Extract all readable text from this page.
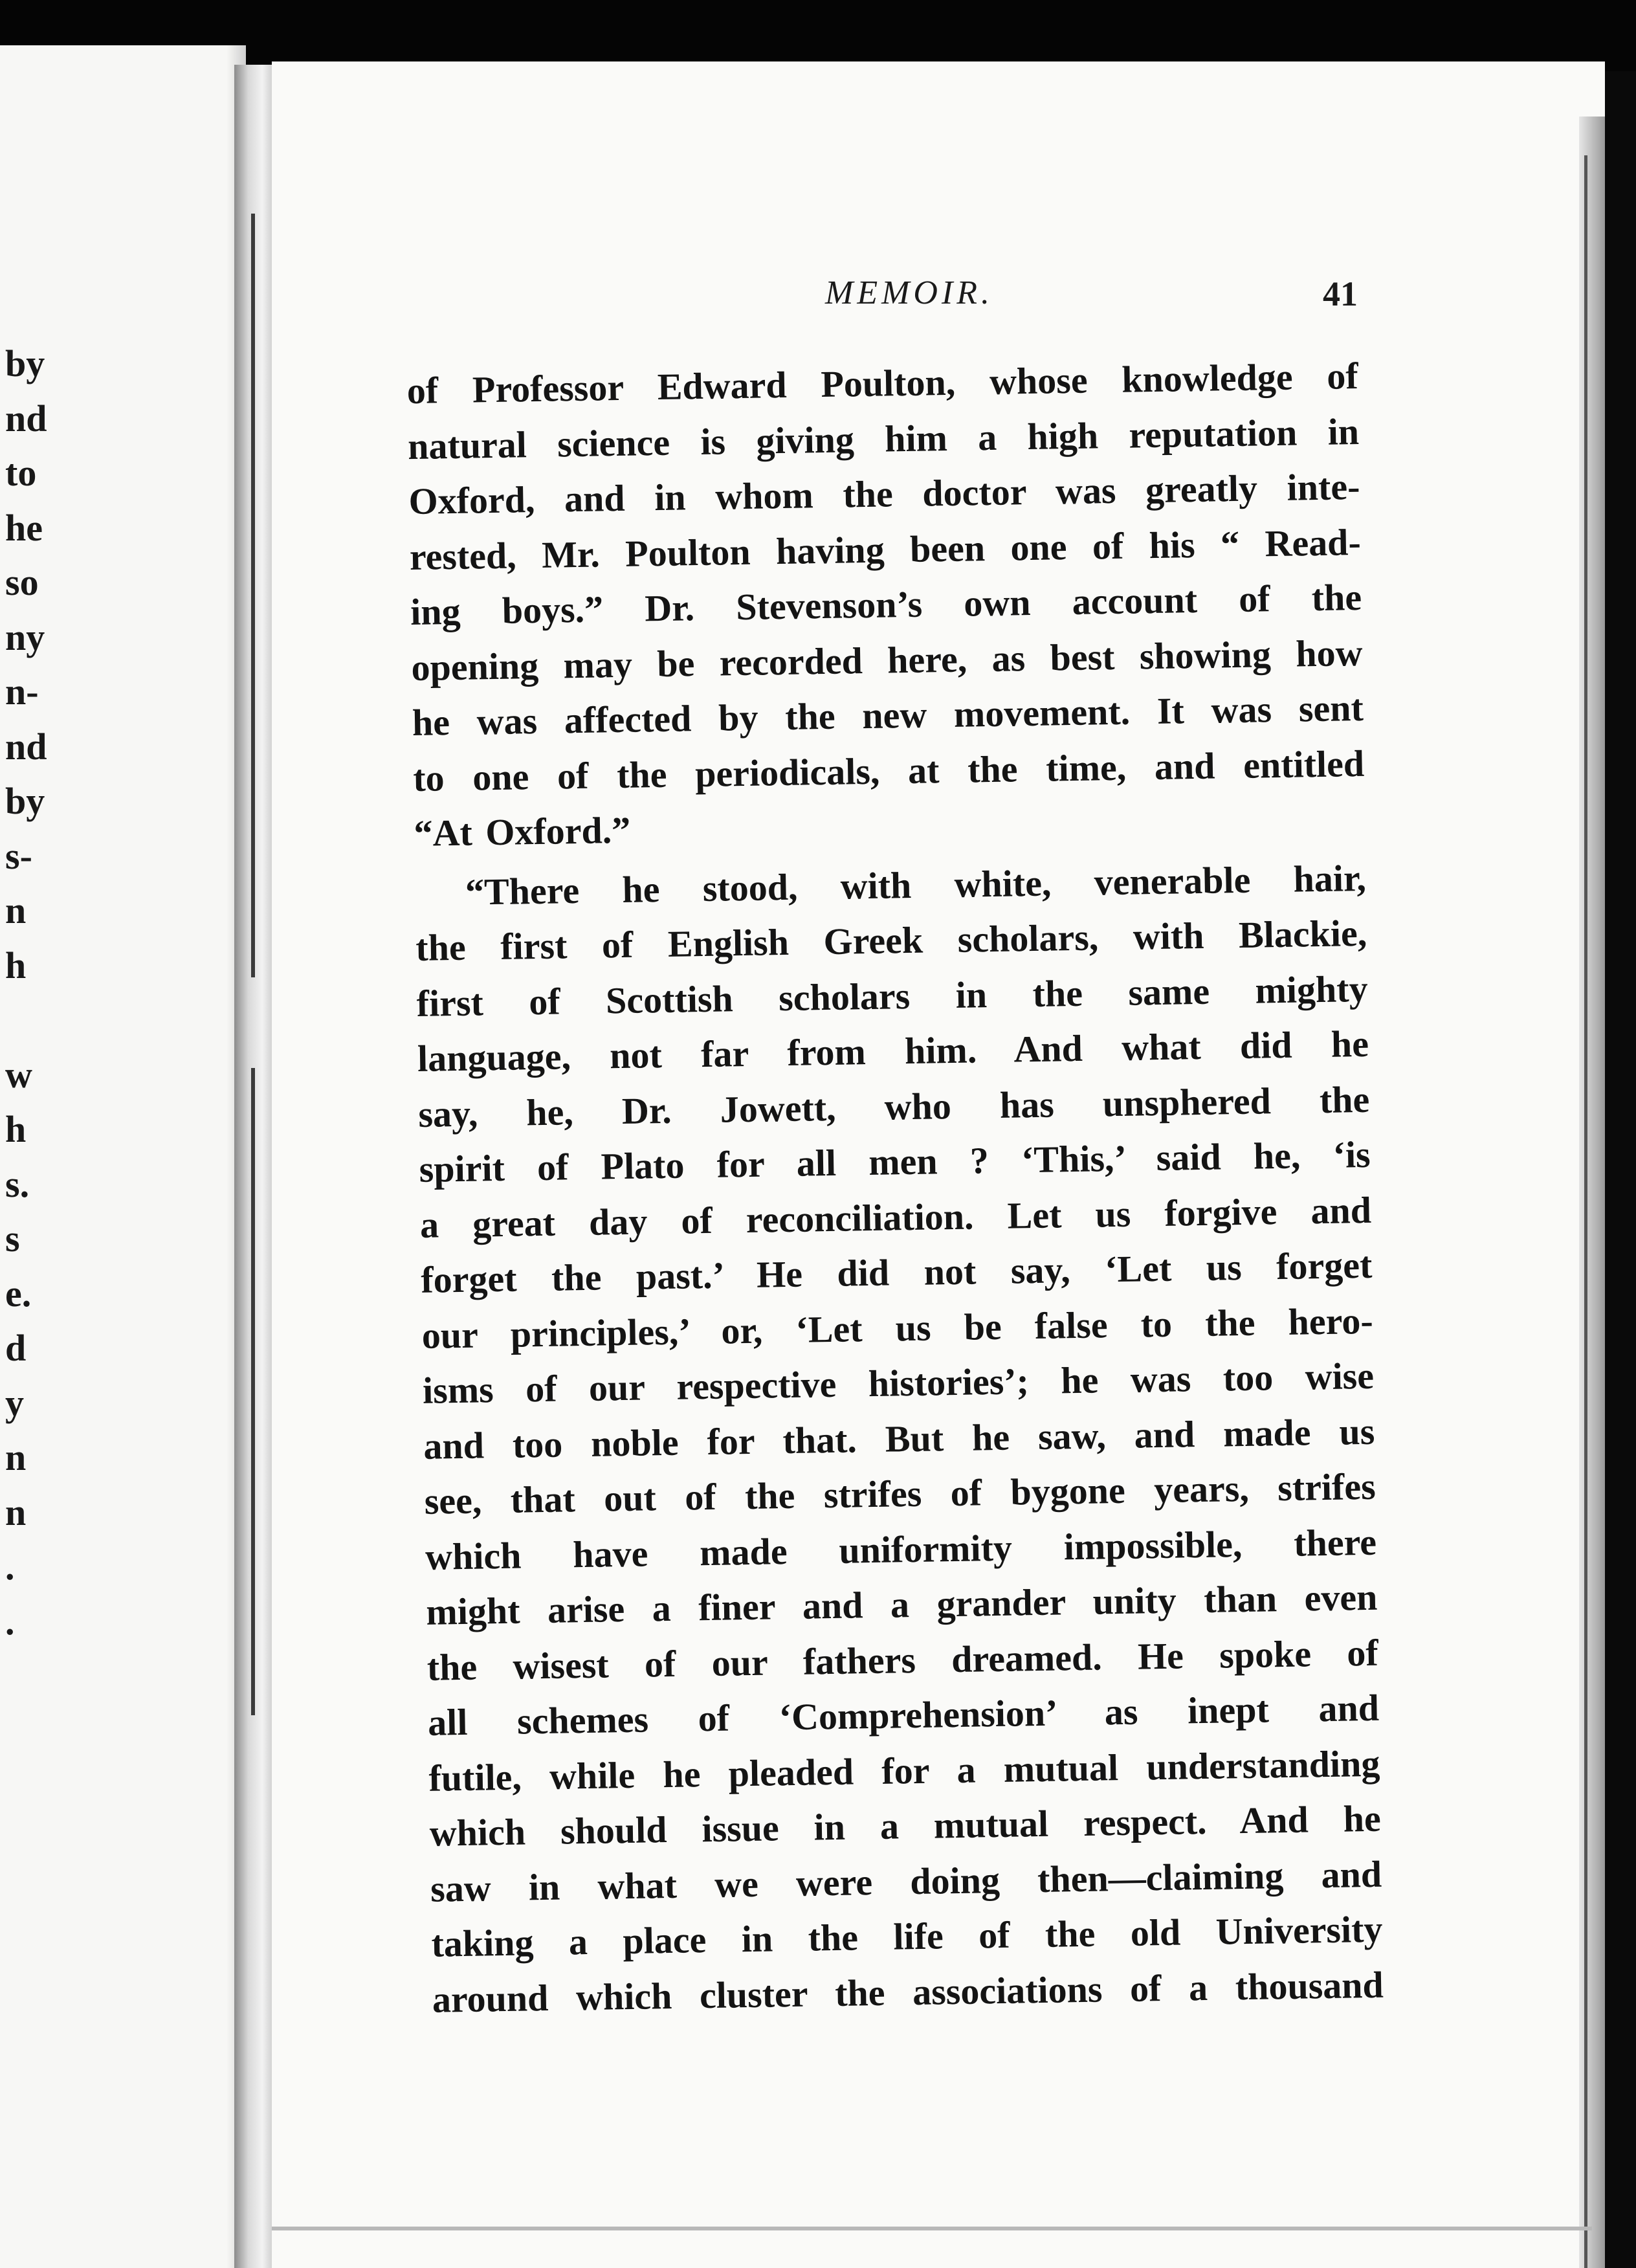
by
nd
to
he
so
ny
n-
nd
by
s-
n
h
w
h
s.
s
e.
d
y
n
n
.
.
MEMOIR.	41
of Professor Edward Poulton, whose knowledge of
natural science is giving him a high reputation in
Oxford, and in whom the doctor was greatly inte-
rested, Mr. Poulton having been one of his “ Read-
ing boys.” Dr. Stevenson’s own account of the
opening may be recorded here, as best showing how
he was affected by the new movement. It was sent
to one of the periodicals, at the time, and entitled
“At Oxford.”
“There he stood, with white, venerable hair,
the first of English Greek scholars, with Blackie,
first of Scottish scholars in the same mighty
language, not far from him. And what did he
say, he, Dr. Jowett, who has unsphered the
spirit of Plato for all men ? ‘This,’ said he, ‘is
a great day of reconciliation. Let us forgive and
forget the past.’ He did not say, ‘Let us forget
our principles,’ or, ‘Let us be false to the hero-
isms of our respective histories’; he was too wise
and too noble for that. But he saw, and made us
see, that out of the strifes of bygone years, strifes
which have made uniformity impossible, there
might arise a finer and a grander unity than even
the wisest of our fathers dreamed. He spoke of
all schemes of ‘Comprehension’ as inept and
futile, while he pleaded for a mutual understanding
which should issue in a mutual respect. And he
saw in what we were doing then—claiming and
taking a place in the life of the old University
around which cluster the associations of a thousand
